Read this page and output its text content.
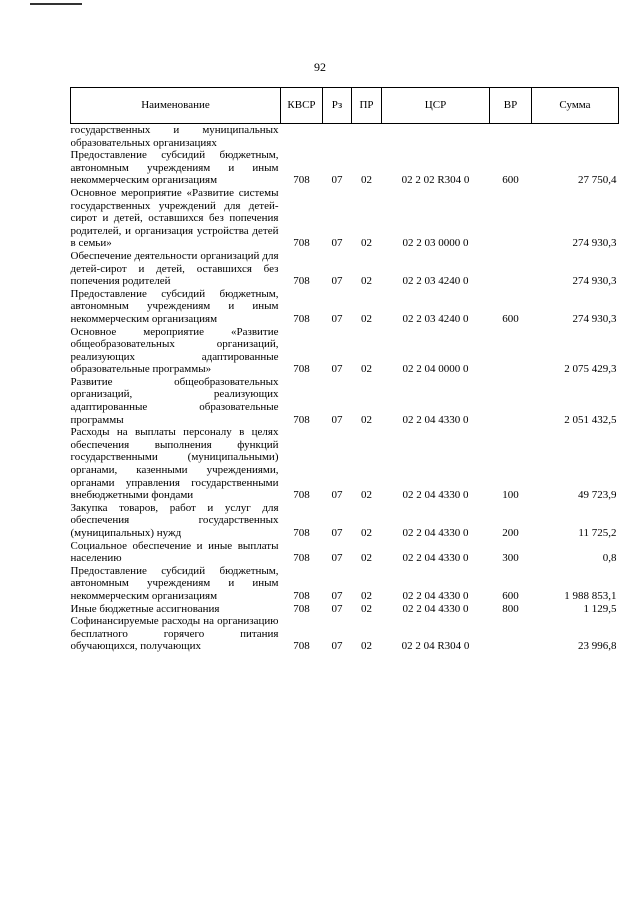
92
Наименование	КВСР	Рз	ПР	ЦСР	ВР	Сумма
государственных и муниципальных образовательных организациях						
Предоставление субсидий бюджетным, автономным учреждениям и иным некоммерческим организациям	708	07	02	02 2 02 R304 0	600	27 750,4
Основное мероприятие «Развитие системы государственных учреждений для детей-сирот и детей, оставшихся без попечения родителей, и организация устройства детей в семьи»	708	07	02	02 2 03 0000 0		274 930,3
Обеспечение деятельности организаций для детей-сирот и детей, оставшихся без попечения родителей	708	07	02	02 2 03 4240 0		274 930,3
Предоставление субсидий бюджетным, автономным учреждениям и иным некоммерческим организациям	708	07	02	02 2 03 4240 0	600	274 930,3
Основное мероприятие «Развитие общеобразовательных организаций, реализующих адаптированные образовательные программы»	708	07	02	02 2 04 0000 0		2 075 429,3
Развитие общеобразовательных организаций, реализующих адаптированные образовательные программы	708	07	02	02 2 04 4330 0		2 051 432,5
Расходы на выплаты персоналу в целях обеспечения выполнения функций государственными (муниципальными) органами, казенными учреждениями, органами управления государственными внебюджетными фондами	708	07	02	02 2 04 4330 0	100	49 723,9
Закупка товаров, работ и услуг для обеспечения государственных (муниципальных) нужд	708	07	02	02 2 04 4330 0	200	11 725,2
Социальное обеспечение и иные выплаты населению	708	07	02	02 2 04 4330 0	300	0,8
Предоставление субсидий бюджетным, автономным учреждениям и иным некоммерческим организациям	708	07	02	02 2 04 4330 0	600	1 988 853,1
Иные бюджетные ассигнования	708	07	02	02 2 04 4330 0	800	1 129,5
Софинансируемые расходы на организацию бесплатного горячего питания обучающихся, получающих	708	07	02	02 2 04 R304 0		23 996,8
